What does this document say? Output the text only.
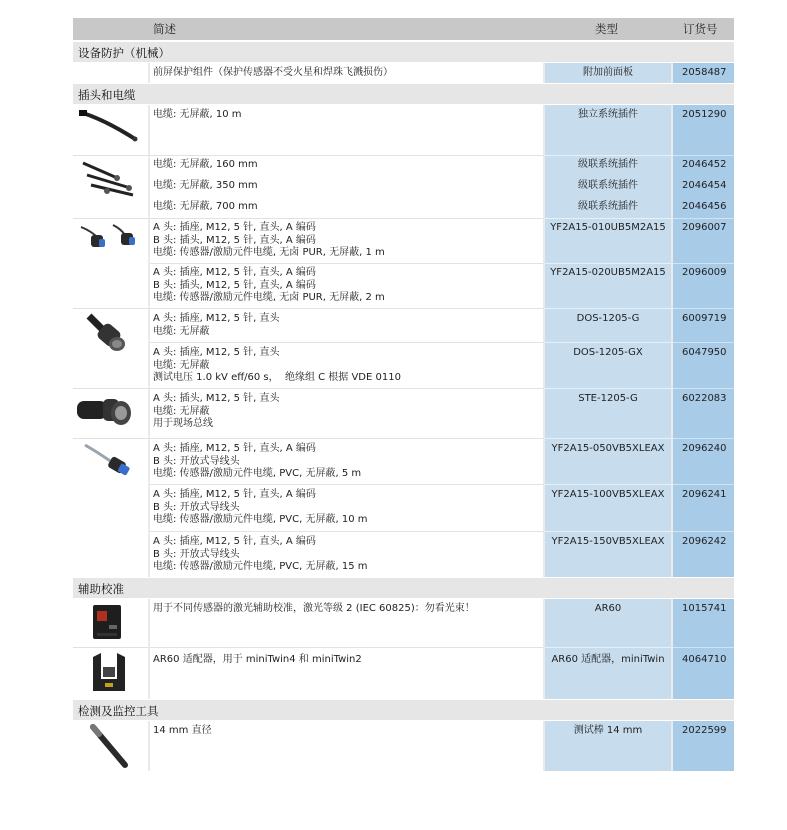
简述	类型	订货号
设备防护（机械）
前屏保护组件（保护传感器不受火星和焊珠飞溅损伤）	附加前面板	2058487
插头和电缆
电缆: 无屏蔽, 10 m	独立系统插件	2051290
电缆: 无屏蔽, 160 mm	级联系统插件	2046452
电缆: 无屏蔽, 350 mm	级联系统插件	2046454
电缆: 无屏蔽, 700 mm	级联系统插件	2046456
A 头: 插座, M12, 5 针, 直头, A 编码
B 头: 插头, M12, 5 针, 直头, A 编码
电缆: 传感器/激励元件电缆, 无卤 PUR, 无屏蔽, 1 m
YF2A15-010UB5M2A15	2096007
A 头: 插座, M12, 5 针, 直头, A 编码
B 头: 插头, M12, 5 针, 直头, A 编码
电缆: 传感器/激励元件电缆, 无卤 PUR, 无屏蔽, 2 m
YF2A15-020UB5M2A15	2096009
A 头: 插座, M12, 5 针, 直头
电缆: 无屏蔽
DOS-1205-G	6009719
A 头: 插座, M12, 5 针, 直头
电缆: 无屏蔽
测试电压 1.0 kV eff/60 s，  绝缘组 C 根据 VDE 0110
DOS-1205-GX	6047950
A 头: 插头, M12, 5 针, 直头
电缆: 无屏蔽
用于现场总线
STE-1205-G	6022083
A 头: 插座, M12, 5 针, 直头, A 编码
B 头: 开放式导线头
电缆: 传感器/激励元件电缆, PVC, 无屏蔽, 5 m
YF2A15-050VB5XLEAX	2096240
A 头: 插座, M12, 5 针, 直头, A 编码
B 头: 开放式导线头
电缆: 传感器/激励元件电缆, PVC, 无屏蔽, 10 m
YF2A15-100VB5XLEAX	2096241
A 头: 插座, M12, 5 针, 直头, A 编码
B 头: 开放式导线头
电缆: 传感器/激励元件电缆, PVC, 无屏蔽, 15 m
YF2A15-150VB5XLEAX	2096242
辅助校准
用于不同传感器的激光辅助校准，激光等级 2 (IEC 60825)：勿看光束！	AR60	1015741
AR60 适配器，用于 miniTwin4 和 miniTwin2	AR60 适配器，miniTwin	4064710
检测及监控工具
14 mm 直径	测试棒 14 mm	2022599
